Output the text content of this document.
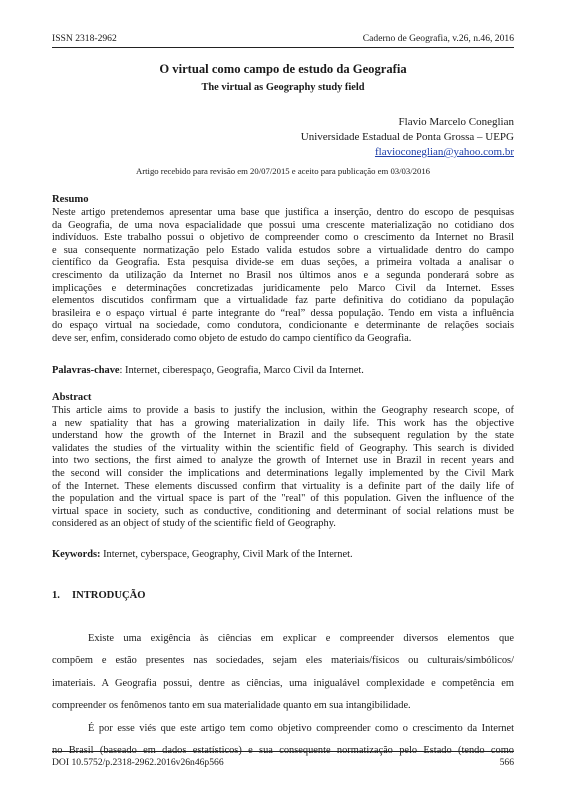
ISSN 2318-2962	Caderno de Geografia, v.26, n.46, 2016
O virtual como campo de estudo da Geografia
The virtual as Geography study field
Flavio Marcelo Coneglian
Universidade Estadual de Ponta Grossa – UEPG
flavioconeglian@yahoo.com.br
Artigo recebido para revisão em 20/07/2015 e aceito para publicação em 03/03/2016
Resumo
Neste artigo pretendemos apresentar uma base que justifica a inserção, dentro do escopo de pesquisas
da Geografia, de uma nova espacialidade que possui uma crescente materialização no cotidiano dos
indivíduos. Este trabalho possui o objetivo de compreender como o crescimento da Internet no Brasil
e sua consequente normatização pelo Estado valida estudos sobre a virtualidade dentro do campo
científico da Geografia. Esta pesquisa divide-se em duas seções, a primeira voltada a analisar o
crescimento da utilização da Internet no Brasil nos últimos anos e a segunda ponderará sobre as
implicações e determinações concretizadas juridicamente pelo Marco Civil da Internet. Esses
elementos discutidos confirmam que a virtualidade faz parte definitiva do cotidiano da população
brasileira e o espaço virtual é parte integrante do “real” dessa população. Tendo em vista a influência
do espaço virtual na sociedade, como condutora, condicionante e determinante de relações sociais
deve ser, enfim, considerado como objeto de estudo do campo científico da Geografia.
Palavras-chave: Internet, ciberespaço, Geografia, Marco Civil da Internet.
Abstract
This article aims to provide a basis to justify the inclusion, within the Geography research scope, of
a new spatiality that has a growing materialization in daily life. This work has the objective
understand how the growth of the Internet in Brazil and the subsequent regulation by the state
validates the studies of the virtuality within the scientific field of Geography. This search is divided
into two sections, the first aimed to analyze the growth of Internet use in Brazil in recent years and
the second will consider the implications and determinations legally implemented by the Civil Mark
of the Internet. These elements discussed confirm that virtuality is a definite part of the daily life of
the population and the virtual space is part of the "real" of this population. Given the influence of the
virtual space in society, such as conductive, conditioning and determinant of social relations must be
considered as an object of study of the scientific field of Geography.
Keywords: Internet, cyberspace, Geography, Civil Mark of the Internet.
1. INTRODUÇÃO
Existe uma exigência às ciências em explicar e compreender diversos elementos que
compõem e estão presentes nas sociedades, sejam eles materiais/físicos ou culturais/simbólicos/
imateriais. A Geografia possui, dentre as ciências, uma inigualável complexidade e competência em
compreender os fenômenos tanto em sua materialidade quanto em sua intangibilidade.
É por esse viés que este artigo tem como objetivo compreender como o crescimento da Internet
no Brasil (baseado em dados estatísticos) e sua consequente normatização pelo Estado (tendo como
DOI 10.5752/p.2318-2962.2016v26n46p566	566
